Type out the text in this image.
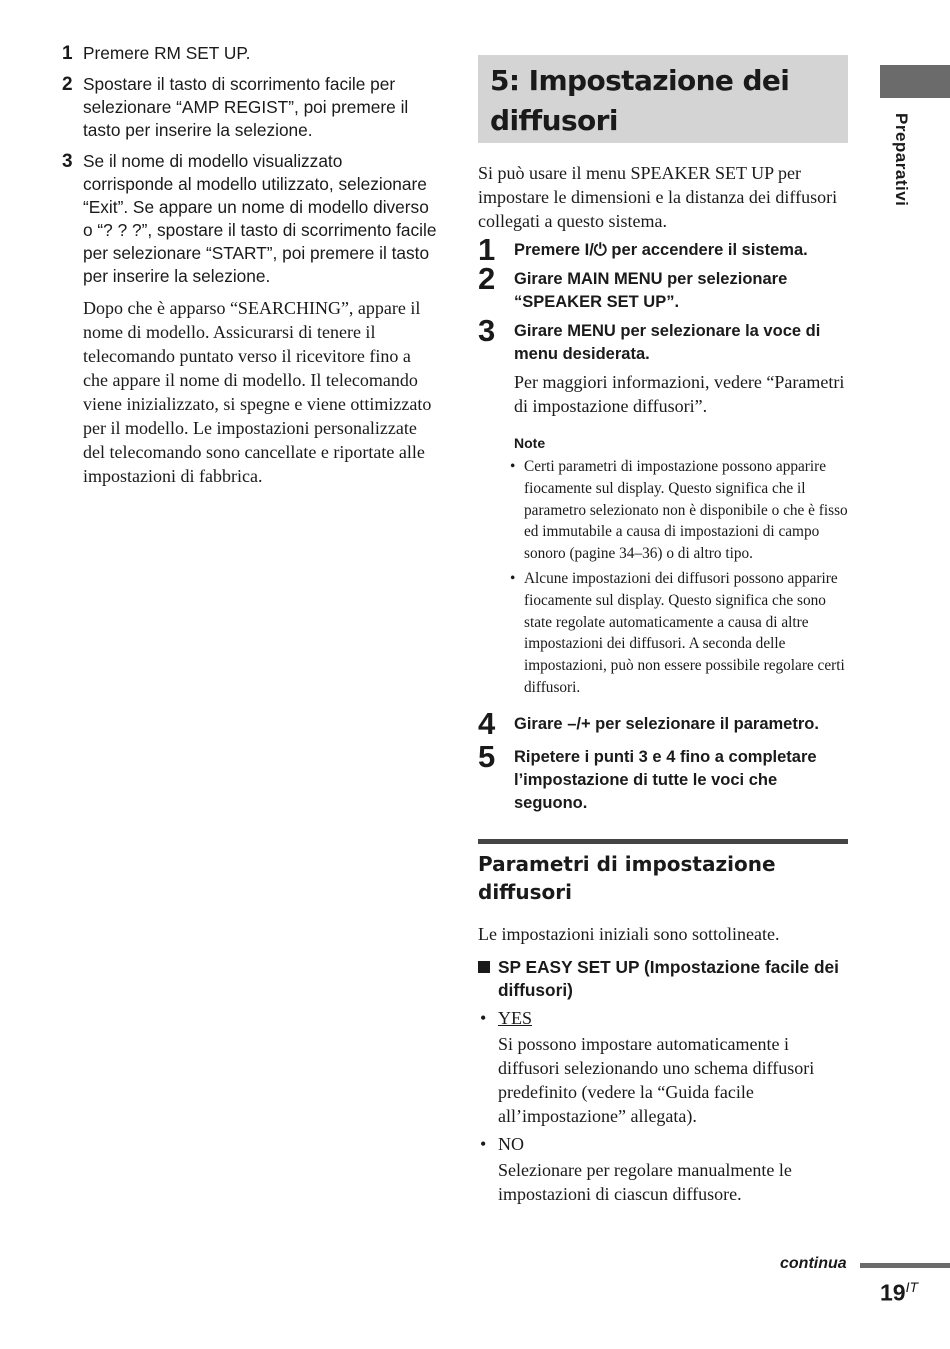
1 Premere RM SET UP.
2 Spostare il tasto di scorrimento facile per selezionare “AMP REGIST”, poi premere il tasto per inserire la selezione.
3 Se il nome di modello visualizzato corrisponde al modello utilizzato, selezionare “Exit”. Se appare un nome di modello diverso o “? ? ?”, spostare il tasto di scorrimento facile per selezionare “START”, poi premere il tasto per inserire la selezione.

Dopo che è apparso “SEARCHING”, appare il nome di modello. Assicurarsi di tenere il telecomando puntato verso il ricevitore fino a che appare il nome di modello. Il telecomando viene inizializzato, si spegne e viene ottimizzato per il modello. Le impostazioni personalizzate del telecomando sono cancellate e riportate alle impostazioni di fabbrica.

5: Impostazione dei diffusori

Si può usare il menu SPEAKER SET UP per impostare le dimensioni e la distanza dei diffusori collegati a questo sistema.

1 Premere I/⏻ per accendere il sistema.
2 Girare MAIN MENU per selezionare “SPEAKER SET UP”.
3 Girare MENU per selezionare la voce di menu desiderata.
Per maggiori informazioni, vedere “Parametri di impostazione diffusori”.
Note
• Certi parametri di impostazione possono apparire fiocamente sul display. Questo significa che il parametro selezionato non è disponibile o che è fisso ed immutabile a causa di impostazioni di campo sonoro (pagine 34–36) o di altro tipo.
• Alcune impostazioni dei diffusori possono apparire fiocamente sul display. Questo significa che sono state regolate automaticamente a causa di altre impostazioni dei diffusori. A seconda delle impostazioni, può non essere possibile regolare certi diffusori.
4 Girare –/+ per selezionare il parametro.
5 Ripetere i punti 3 e 4 fino a completare l’impostazione di tutte le voci che seguono.
Parametri di impostazione diffusori
Le impostazioni iniziali sono sottolineate.
SP EASY SET UP (Impostazione facile dei diffusori)
• YES
Si possono impostare automaticamente i diffusori selezionando uno schema diffusori predefinito (vedere la “Guida facile all’impostazione” allegata).
• NO
Selezionare per regolare manualmente le impostazioni di ciascun diffusore.
Preparativi
continua
$19^{IT}$
